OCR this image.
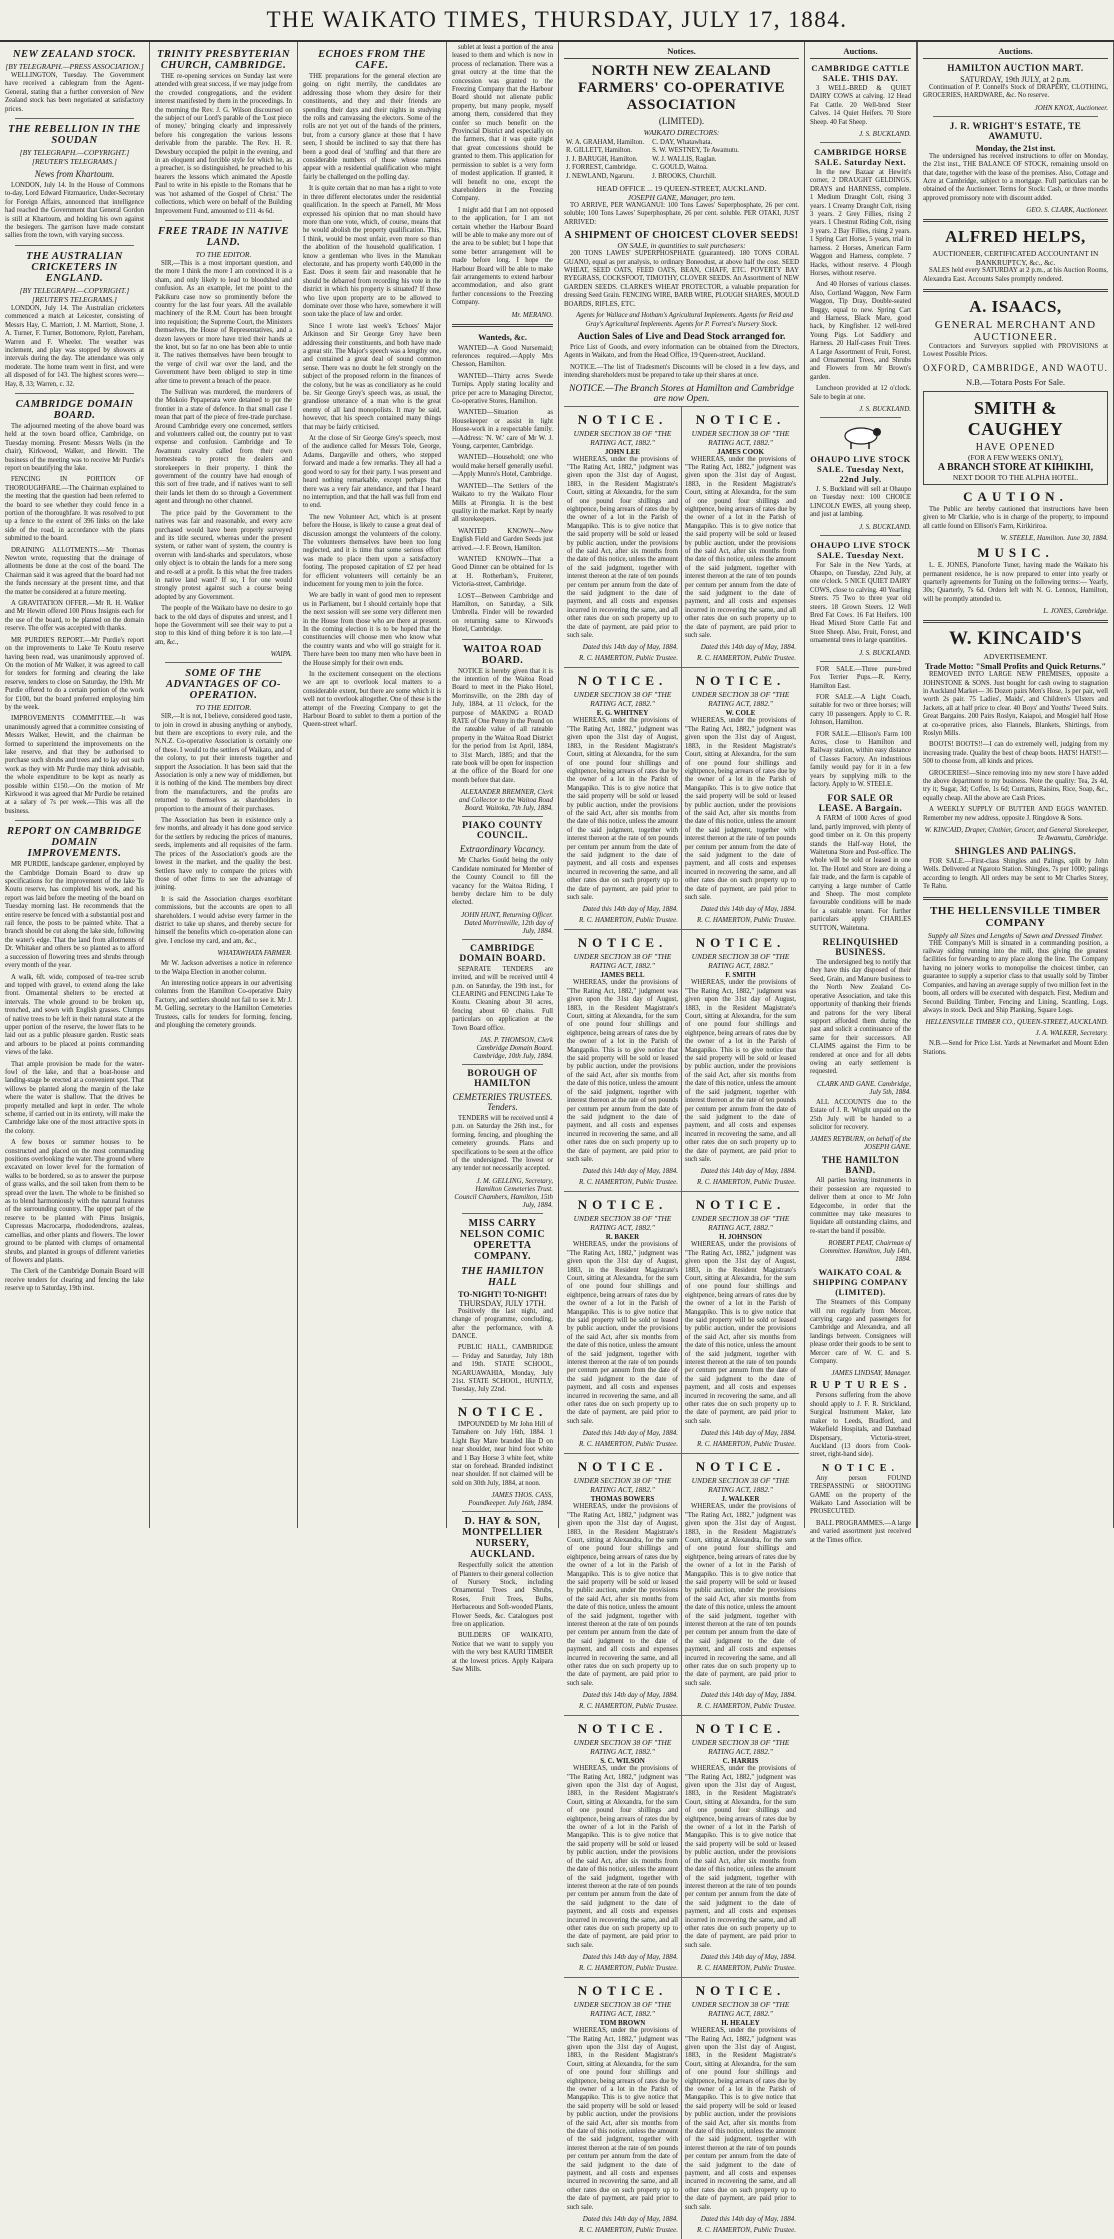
THE WAIKATO TIMES, THURSDAY, JULY 17, 1884.
NEW ZEALAND STOCK.
[BY TELEGRAPH.—PRESS ASSOCIATION.]

WELLINGTON, Tuesday. The Government have received a cablegram from the Agent-General, stating that a further conversion of New Zealand stock has been negotiated at satisfactory prices.

THE REBELLION IN THE SOUDAN
[BY TELEGRAPH.—COPYRIGHT.] [REUTER'S TELEGRAMS.]
News from Khartoum.

LONDON, July 14. In the House of Commons to-day, Lord Edward Fitzmaurice, Under-Secretary for Foreign Affairs, announced that intelligence had reached the Government that General Gordon is still at Khartoum, and holding his own against the besiegers. The garrison have made constant sallies from the town, with varying success.

THE AUSTRALIAN CRICKETERS IN ENGLAND.
[BY TELEGRAPH.—COPYRIGHT.] [REUTER'S TELEGRAMS.]

LONDON, July 14. The Australian cricketers commenced a match at Leicester, consisting of Messrs Hay, C. Marriott, J. M. Marriott, Stone, J. A. Turner, F. Turner, Bottomore, Rylott, Pareham, Warren and F. Wheeler. The weather was inclement, and play was stopped by showers at intervals during the day. The attendance was only moderate. The home team went in first, and were all disposed of for 143. The highest scores were—Hay, 8, 33; Warren, c. 32.

CAMBRIDGE DOMAIN BOARD.

The adjourned meeting of the above board was held at the town board office, Cambridge, on Tuesday morning. Present: Messrs Wells (in the chair), Kirkwood, Walker, and Hewitt. The business of the meeting was to receive Mr Purdie's report on beautifying the lake.

FENCING IN PORTION OF THOROUGHFARE.—The Chairman explained to the meeting that the question had been referred to the board to see whether they could fence in a portion of the thoroughfare. It was resolved to put up a fence to the extent of 396 links on the lake side of the road, in accordance with the plans submitted to the board.

DRAINING ALLOTMENTS.—Mr Thomas Newton wrote, requesting that the drainage of allotments be done at the cost of the board. The Chairman said it was agreed that the board had not the funds necessary at the present time, and that the matter be considered at a future meeting.

A GRAVITATION OFFER.—Mr R. H. Walker and Mr Hewitt offered 100 Pinus Insignis each for the use of the board, to be planted on the domain reserve. The offer was accepted with thanks.

MR PURDIE'S REPORT.—Mr Purdie's report on the improvements to Lake Te Koutu reserve having been read, was unanimously approved of. On the motion of Mr Walker, it was agreed to call for tenders for forming and clearing the lake reserve, tenders to close on Saturday, the 19th. Mr Purdie offered to do a certain portion of the work for £100, but the board preferred employing him by the week.

IMPROVEMENTS COMMITTEE.—It was unanimously agreed that a committee consisting of Messrs Walker, Hewitt, and the chairman be formed to superintend the improvements on the lake reserve, and that they be authorised to purchase such shrubs and trees and to lay out such work as they with Mr Purdie may think advisable, the whole expenditure to be kept as nearly as possible within £150.—On the motion of Mr Kirkwood it was agreed that Mr Purdie be retained at a salary of 7s per week.—This was all the business.

REPORT ON CAMBRIDGE DOMAIN IMPROVEMENTS.

MR PURDIE, landscape gardener, employed by the Cambridge Domain Board to draw up specifications for the improvement of the lake Te Koutu reserve, has completed his work, and his report was laid before the meeting of the board on Tuesday morning last. He recommends that the entire reserve be fenced with a substantial post and rail fence, the posts to be painted white. That a branch should be cut along the lake side, following the water's edge. That the land from allotments of Dr. Whitaker and others be so planted as to afford a succession of flowering trees and shrubs through every month of the year.

A walk, 6ft. wide, composed of tea-tree scrub and topped with gravel, to extend along the lake front. Ornamental shelters to be erected at intervals. The whole ground to be broken up, trenched, and sown with English grasses. Clumps of native trees to be left in their natural state at the upper portion of the reserve, the lower flats to be laid out as a public pleasure garden. Rustic seats and arbours to be placed at points commanding views of the lake.

That ample provision be made for the water-fowl of the lake, and that a boat-house and landing-stage be erected at a convenient spot. That willows be planted along the margin of the lake where the water is shallow. That the drives be properly metalled and kept in order. The whole scheme, if carried out in its entirety, will make the Cambridge lake one of the most attractive spots in the colony.

A few boxes or summer houses to be constructed and placed on the most commanding positions overlooking the water. The ground where excavated on lower level for the formation of walks to be bordered, so as to answer the purpose of grass walks, and the soil taken from them to be spread over the lawn. The whole to be finished so as to blend harmoniously with the natural features of the surrounding country. The upper part of the reserve to be planted with Pinus Insignis, Cupressus Macrocarpa, rhododendrons, azaleas, camellias, and other plants and flowers. The lower ground to be planted with clumps of ornamental shrubs, and planted in groups of different varieties of flowers and plants.

The Clerk of the Cambridge Domain Board will receive tenders for clearing and fencing the lake reserve up to Saturday, 19th inst.

TRINITY PRESBYTERIAN CHURCH, CAMBRIDGE.

THE re-opening services on Sunday last were attended with great success, if we may judge from the crowded congregations, and the evident interest manifested by them in the proceedings. In the morning the Rev. J. G. Wilson discoursed on the subject of our Lord's parable of the 'Lost piece of money,' bringing clearly and impressively before his congregation the various lessons derivable from the parable. The Rev. H. R. Dewsbury occupied the pulpit in the evening, and in an eloquent and forcible style for which he, as a preacher, is so distinguished, he preached to his hearers the lessons which animated the Apostle Paul to write in his epistle to the Romans that he was 'not ashamed of the Gospel of Christ.' The collections, which were on behalf of the Building Improvement Fund, amounted to £11 4s 6d.

FREE TRADE IN NATIVE LAND.
TO THE EDITOR.

SIR,—This is a most important question, and the more I think the more I am convinced it is a sham, and only likely to lead to bloodshed and confusion. As an example, let me point to the Pakikuru case now so prominently before the country for the last four years. All the available machinery of the R.M. Court has been brought into requisition; the Supreme Court, the Ministers themselves, the House of Representatives, and a dozen lawyers or more have tried their hands at the knot, but so far no one has been able to untie it. The natives themselves have been brought to the verge of civil war over the land, and the Government have been obliged to step in time after time to prevent a breach of the peace.

The Sullivan was murdered, the murderers of the Mokoio Pepaperara were detained to put the frontier in a state of defence. In that small case I mean that part of the piece of free-trade purchase. Around Cambridge every one concerned, settlers and volunteers called out, the country put to vast expense and confusion. Cambridge and Te Awamutu cavalry called from their own homesteads to protect the dealers and storekeepers in their property. I think the government of the country have had enough of this sort of free trade, and if natives want to sell their lands let them do so through a Government agent and through no other channel.

The price paid by the Government to the natives was fair and reasonable, and every acre purchased would have been properly surveyed and its title secured, whereas under the present system, or rather want of system, the country is overrun with land-sharks and speculators, whose only object is to obtain the lands for a mere song and re-sell at a profit. Is this what the free traders in native land want? If so, I for one would strongly protest against such a course being adopted by any Government.

The people of the Waikato have no desire to go back to the old days of disputes and unrest, and I hope the Government will see their way to put a stop to this kind of thing before it is too late.—I am, &c.,

WAIPA.
SOME OF THE ADVANTAGES OF CO-OPERATION.
TO THE EDITOR.

SIR,—It is not, I believe, considered good taste, to join in crowd in abusing anything or anybody, but there are exceptions to every rule, and the N.N.Z. Co-operative Association is certainly one of these. I would to the settlers of Waikato, and of the colony, to put their interests together and support the Association. It has been said that the Association is only a new way of middlemen, but it is nothing of the kind. The members buy direct from the manufacturers, and the profits are returned to themselves as shareholders in proportion to the amount of their purchases.

The Association has been in existence only a few months, and already it has done good service for the settlers by reducing the prices of manures, seeds, implements and all requisites of the farm. The prices of the Association's goods are the lowest in the market, and the quality the best. Settlers have only to compare the prices with those of other firms to see the advantage of joining.

It is said the Association charges exorbitant commissions, but the accounts are open to all shareholders. I would advise every farmer in the district to take up shares, and thereby secure for himself the benefits which co-operation alone can give. I enclose my card, and am, &c.,

WHATAWHATA FARMER.

Mr W. Jackson advertises a notice in reference to the Waipa Election in another column.

An interesting notice appears in our advertising columns from the Hamilton Co-operative Dairy Factory, and settlers should not fail to see it. Mr J. M. Gelling, secretary to the Hamilton Cemeteries Trustees, calls for tenders for forming, fencing, and ploughing the cemetery grounds.

ECHOES FROM THE CAFE.

THE preparations for the general election are going on right merrily, the candidates are addressing those whom they desire for their constituents, and they and their friends are spending their days and their nights in studying the rolls and canvassing the electors. Some of the rolls are not yet out of the hands of the printers, but, from a cursory glance at those that I have seen, I should be inclined to say that there has been a good deal of 'stuffing' and that there are considerable numbers of those whose names appear with a residential qualification who might fairly be challenged on the polling day.

It is quite certain that no man has a right to vote in three different electorates under the residential qualification. In the speech at Parnell, Mr Moss expressed his opinion that no man should have more than one vote, which, of course, means that he would abolish the property qualification. This, I think, would be most unfair, even more so than the abolition of the household qualification. I know a gentleman who lives in the Manukau electorate, and has property worth £40,000 in the East. Does it seem fair and reasonable that he should be debarred from recording his vote in the district in which his property is situated? If those who live upon property are to be allowed to dominate over those who have, somewhere it will soon take the place of law and order.

Since I wrote last week's 'Echoes' Major Atkinson and Sir George Grey have been addressing their constituents, and both have made a great stir. The Major's speech was a lengthy one, and contained a great deal of sound common sense. There was no doubt he felt strongly on the subject of the proposed reform in the finances of the colony, but he was as conciliatory as he could be. Sir George Grey's speech was, as usual, the grandiose utterance of a man who is the great enemy of all land monopolists. It may be said, however, that his speech contained many things that may be fairly criticised.

At the close of Sir George Grey's speech, most of the audience called for Messrs Tole, George, Adams, Dargaville and others, who stepped forward and made a few remarks. They all had a good word to say for their party. I was present and heard nothing remarkable, except perhaps that there was a very fair attendance, and that I heard no interruption, and that the hall was full from end to end.

The new Volunteer Act, which is at present before the House, is likely to cause a great deal of discussion amongst the volunteers of the colony. The volunteers themselves have been too long neglected, and it is time that some serious effort was made to place them upon a satisfactory footing. The proposed capitation of £2 per head for efficient volunteers will certainly be an inducement for young men to join the force.

We are badly in want of good men to represent us in Parliament, but I should certainly hope that the next session will see some very different men in the House from those who are there at present. In the coming election it is to be hoped that the constituencies will choose men who know what the country wants and who will go straight for it. There have been too many men who have been in the House simply for their own ends.

In the excitement consequent on the elections we are apt to overlook local matters to a considerable extent, but there are some which it is well not to overlook altogether. One of these is the attempt of the Freezing Company to get the Harbour Board to sublet to them a portion of the Queen-street wharf.

sublet at least a portion of the area leased to them and which is now in process of reclamation. There was a great outcry at the time that the concession was granted to the Freezing Company that the Harbour Board should not alienate public property, but many people, myself among them, considered that they confer so much benefit on the Provincial District and especially on the farmers, that it was quite right that great concessions should be granted to them. This application for permission to sublet is a very form of modest application. If granted, it will benefit no one, except the shareholders in the Freezing Company.

I might add that I am not opposed to the application, for I am not certain whether the Harbour Board will be able to make any more out of the area to be sublet; but I hope that some better arrangement will be made before long. I hope the Harbour Board will be able to make fair arrangements to extend harbour accommodation, and also grant further concessions to the Freezing Company.

Mr. MERANO.
Wanteds, &c.

WANTED—A Good Nursemaid; references required.—Apply Mrs Chesson, Hamilton.

WANTED—Thirty acres Swede Turnips. Apply stating locality and price per acre to Managing Director, Co-operative Stores, Hamilton.

WANTED—Situation as Housekeeper or assist in light House-work in a respectable family.—Address: 'N. W.' care of Mr W. J. Young, carpenter, Cambridge.

WANTED—Household; one who would make herself generally useful.—Apply Munro's Hotel, Cambridge.

WANTED—The Settlers of the Waikato to try the Waikato Flour Mills at Pirongia. It is the best quality in the market. Kept by nearly all storekeepers.

WANTED KNOWN—New English Field and Garden Seeds just arrived.—J. F. Brown, Hamilton.

WANTED KNOWN—That a Good Dinner can be obtained for 1s at H. Rotherham's, Fruiterer, Victoria-street, Cambridge.

LOST—Between Cambridge and Hamilton, on Saturday, a Silk Umbrella. Finder will be rewarded on returning same to Kirwood's Hotel, Cambridge.

WAITOA ROAD BOARD.

NOTICE is hereby given that it is the intention of the Waitoa Road Board to meet in the Piako Hotel, Morrinsville, on the 28th day of July, 1884, at 11 o'clock, for the purpose of MAKING a ROAD RATE of One Penny in the Pound on the rateable value of all rateable property in the Waitoa Road District for the period from 1st April, 1884, to 31st March, 1885; and that the rate book will be open for inspection at the office of the Board for one month before that date.

ALEXANDER BREMNER, Clerk and Collector to the Waitoa Road Board. Waitoka, 7th July, 1884.
PIAKO COUNTY COUNCIL.
Extraordinary Vacancy.

Mr Charles Gould being the only Candidate nominated for Member of the County Council to fill the vacancy for the Waitoa Riding, I hereby declare him to be duly elected.

JOHN HUNT, Returning Officer. Dated Morrinsville, 12th day of July, 1884.
CAMBRIDGE DOMAIN BOARD.

SEPARATE TENDERS are invited, and will be received until 4 p.m. on Saturday, the 19th inst., for CLEARING and FENCING Lake Te Koutu. Cleaning about 30 acres, fencing about 60 chains. Full particulars on application at the Town Board office.

JAS. P. THOMSON, Clerk Cambridge Domain Board. Cambridge, 10th July, 1884.
BOROUGH OF HAMILTON
CEMETERIES TRUSTEES. Tenders.

TENDERS will be received until 4 p.m. on Saturday the 26th inst., for forming, fencing, and ploughing the cemetery grounds. Plans and specifications to be seen at the office of the undersigned. The lowest or any tender not necessarily accepted.

J. M. GELLING, Secretary, Hamilton Cemeteries Trust. Council Chambers, Hamilton, 15th July, 1884.
MISS CARRY NELSON COMIC OPERETTA COMPANY.
THE HAMILTON HALL
TO-NIGHT! TO-NIGHT!
THURSDAY, JULY 17TH.

Positively the last night, and change of programme, concluding, after the performance, with A DANCE.

PUBLIC HALL, CAMBRIDGE — Friday and Saturday, July 18th and 19th. STATE SCHOOL, NGARUAWAHIA, Monday, July 21st. STATE SCHOOL, HUNTLY, Tuesday, July 22nd.

NOTICE.

IMPOUNDED by Mr John Hill of Tamahere on July 16th, 1884. 1 Light Bay Mare branded like D on near shoulder, near hind foot white and 1 Bay Horse 3 white feet, white star on forehead. Branded indistinct near shoulder. If not claimed will be sold on 30th July, 1884, at noon.

JAMES THOS. CASS, Poundkeeper. July 16th, 1884.
D. HAY & SON, MONTPELLIER NURSERY, AUCKLAND.

Respectfully solicit the attention of Planters to their general collection of Nursery Stock, including Ornamental Trees and Shrubs, Roses, Fruit Trees, Bulbs, Herbaceous and Soft-wooded Plants, Flower Seeds, &c. Catalogues post free on application.

BUILDERS OF WAIKATO, Notice that we want to supply you with the very best KAURI TIMBER at the lowest prices. Apply Kaipara Saw Mills.

Notices.
NORTH NEW ZEALAND FARMERS' CO-OPERATIVE ASSOCIATION
(LIMITED).
WAIKATO DIRECTORS:
W. A. GRAHAM, Hamilton.
R. GILLETT, Hamilton.
J. J. BARUGH, Hamilton.
J. FORREST, Cambridge.
J. NEWLAND, Ngaruru.
C. DAY, Whatawhata.
S. W. WESTNEY, Te Awamutu.
W. J. WALLIS, Raglan.
C. GOULD, Waitoa.
J. BROOKS, Churchill.
HEAD OFFICE ... 19 QUEEN-STREET, AUCKLAND.
JOSEPH GANE, Manager, pro tem.

TO ARRIVE, PER WANGANUI: 100 Tons Lawes' Superphosphate, 26 per cent. soluble; 100 Tons Lawes' Superphosphate, 26 per cent. soluble. PER OTAKI, JUST ARRIVED:

A SHIPMENT OF CHOICEST CLOVER SEEDS!
ON SALE, in quantities to suit purchasers:

200 TONS LAWES' SUPERPHOSPHATE (guaranteed). 180 TONS CORAL GUANO, equal as per analysis, to ordinary Boneodust, at above half the cost. SEED WHEAT, SEED OATS, FEED OATS, BEAN, CHAFF, ETC. POVERTY BAY RYEGRASS, COCKSFOOT, TIMOTHY, CLOVER SEEDS. An Assortment of NEW GARDEN SEEDS. CLARKE'S WHEAT PROTECTOR, a valuable preparation for dressing Seed Grain. FENCING WIRE, BARB WIRE, PLOUGH SHARES, MOULD BOARDS, RIFLES, ETC.

Agents for Wallace and Hotham's Agricultural Implements. Agents for Reid and Gray's Agricultural Implements. Agents for P. Forrest's Nursery Stock.

Auction Sales of Live and Dead Stock arranged for.

Price List of Goods, and every information can be obtained from the Directors, Agents in Waikato, and from the Head Office, 19 Queen-street, Auckland.

NOTICE.—The list of Tradesmen's Discounts will be closed in a few days, and intending shareholders must be prepared to take up their shares at once.

NOTICE.—The Branch Stores at Hamilton and Cambridge are now Open.
NOTICE.
UNDER SECTION 38 OF "THE RATING ACT, 1882."
JOHN LEE

WHEREAS, under the provisions of "The Rating Act, 1882," judgment was given upon the 31st day of August, 1883, in the Resident Magistrate's Court, sitting at Alexandra, for the sum of one pound four shillings and eightpence, being arrears of rates due by the owner of a lot in the Parish of Mangapiko. This is to give notice that the said property will be sold or leased by public auction, under the provisions of the said Act, after six months from the date of this notice, unless the amount of the said judgment, together with interest thereon at the rate of ten pounds per centum per annum from the date of the said judgment to the date of payment, and all costs and expenses incurred in recovering the same, and all other rates due on such property up to the date of payment, are paid prior to such sale.

Dated this 14th day of May, 1884.
R. C. HAMERTON, Public Trustee.
NOTICE.
UNDER SECTION 38 OF "THE RATING ACT, 1882."
JAMES COOK

WHEREAS, under the provisions of "The Rating Act, 1882," judgment was given upon the 31st day of August, 1883, in the Resident Magistrate's Court, sitting at Alexandra, for the sum of one pound four shillings and eightpence, being arrears of rates due by the owner of a lot in the Parish of Mangapiko. This is to give notice that the said property will be sold or leased by public auction, under the provisions of the said Act, after six months from the date of this notice, unless the amount of the said judgment, together with interest thereon at the rate of ten pounds per centum per annum from the date of the said judgment to the date of payment, and all costs and expenses incurred in recovering the same, and all other rates due on such property up to the date of payment, are paid prior to such sale.

Dated this 14th day of May, 1884.
R. C. HAMERTON, Public Trustee.
NOTICE.
UNDER SECTION 38 OF "THE RATING ACT, 1882."
E. G. WHITNEY

WHEREAS, under the provisions of "The Rating Act, 1882," judgment was given upon the 31st day of August, 1883, in the Resident Magistrate's Court, sitting at Alexandra, for the sum of one pound four shillings and eightpence, being arrears of rates due by the owner of a lot in the Parish of Mangapiko. This is to give notice that the said property will be sold or leased by public auction, under the provisions of the said Act, after six months from the date of this notice, unless the amount of the said judgment, together with interest thereon at the rate of ten pounds per centum per annum from the date of the said judgment to the date of payment, and all costs and expenses incurred in recovering the same, and all other rates due on such property up to the date of payment, are paid prior to such sale.

Dated this 14th day of May, 1884.
R. C. HAMERTON, Public Trustee.
NOTICE.
UNDER SECTION 38 OF "THE RATING ACT, 1882."
W. COLE

WHEREAS, under the provisions of "The Rating Act, 1882," judgment was given upon the 31st day of August, 1883, in the Resident Magistrate's Court, sitting at Alexandra, for the sum of one pound four shillings and eightpence, being arrears of rates due by the owner of a lot in the Parish of Mangapiko. This is to give notice that the said property will be sold or leased by public auction, under the provisions of the said Act, after six months from the date of this notice, unless the amount of the said judgment, together with interest thereon at the rate of ten pounds per centum per annum from the date of the said judgment to the date of payment, and all costs and expenses incurred in recovering the same, and all other rates due on such property up to the date of payment, are paid prior to such sale.

Dated this 14th day of May, 1884.
R. C. HAMERTON, Public Trustee.
NOTICE.
UNDER SECTION 38 OF "THE RATING ACT, 1882."
JAMES BELL

WHEREAS, under the provisions of "The Rating Act, 1882," judgment was given upon the 31st day of August, 1883, in the Resident Magistrate's Court, sitting at Alexandra, for the sum of one pound four shillings and eightpence, being arrears of rates due by the owner of a lot in the Parish of Mangapiko. This is to give notice that the said property will be sold or leased by public auction, under the provisions of the said Act, after six months from the date of this notice, unless the amount of the said judgment, together with interest thereon at the rate of ten pounds per centum per annum from the date of the said judgment to the date of payment, and all costs and expenses incurred in recovering the same, and all other rates due on such property up to the date of payment, are paid prior to such sale.

Dated this 14th day of May, 1884.
R. C. HAMERTON, Public Trustee.
NOTICE.
UNDER SECTION 38 OF "THE RATING ACT, 1882."
F. SMITH

WHEREAS, under the provisions of "The Rating Act, 1882," judgment was given upon the 31st day of August, 1883, in the Resident Magistrate's Court, sitting at Alexandra, for the sum of one pound four shillings and eightpence, being arrears of rates due by the owner of a lot in the Parish of Mangapiko. This is to give notice that the said property will be sold or leased by public auction, under the provisions of the said Act, after six months from the date of this notice, unless the amount of the said judgment, together with interest thereon at the rate of ten pounds per centum per annum from the date of the said judgment to the date of payment, and all costs and expenses incurred in recovering the same, and all other rates due on such property up to the date of payment, are paid prior to such sale.

Dated this 14th day of May, 1884.
R. C. HAMERTON, Public Trustee.
NOTICE.
UNDER SECTION 38 OF "THE RATING ACT, 1882."
R. BAKER

WHEREAS, under the provisions of "The Rating Act, 1882," judgment was given upon the 31st day of August, 1883, in the Resident Magistrate's Court, sitting at Alexandra, for the sum of one pound four shillings and eightpence, being arrears of rates due by the owner of a lot in the Parish of Mangapiko. This is to give notice that the said property will be sold or leased by public auction, under the provisions of the said Act, after six months from the date of this notice, unless the amount of the said judgment, together with interest thereon at the rate of ten pounds per centum per annum from the date of the said judgment to the date of payment, and all costs and expenses incurred in recovering the same, and all other rates due on such property up to the date of payment, are paid prior to such sale.

Dated this 14th day of May, 1884.
R. C. HAMERTON, Public Trustee.
NOTICE.
UNDER SECTION 38 OF "THE RATING ACT, 1882."
H. JOHNSON

WHEREAS, under the provisions of "The Rating Act, 1882," judgment was given upon the 31st day of August, 1883, in the Resident Magistrate's Court, sitting at Alexandra, for the sum of one pound four shillings and eightpence, being arrears of rates due by the owner of a lot in the Parish of Mangapiko. This is to give notice that the said property will be sold or leased by public auction, under the provisions of the said Act, after six months from the date of this notice, unless the amount of the said judgment, together with interest thereon at the rate of ten pounds per centum per annum from the date of the said judgment to the date of payment, and all costs and expenses incurred in recovering the same, and all other rates due on such property up to the date of payment, are paid prior to such sale.

Dated this 14th day of May, 1884.
R. C. HAMERTON, Public Trustee.
NOTICE.
UNDER SECTION 38 OF "THE RATING ACT, 1882."
THOMAS BOWERS

WHEREAS, under the provisions of "The Rating Act, 1882," judgment was given upon the 31st day of August, 1883, in the Resident Magistrate's Court, sitting at Alexandra, for the sum of one pound four shillings and eightpence, being arrears of rates due by the owner of a lot in the Parish of Mangapiko. This is to give notice that the said property will be sold or leased by public auction, under the provisions of the said Act, after six months from the date of this notice, unless the amount of the said judgment, together with interest thereon at the rate of ten pounds per centum per annum from the date of the said judgment to the date of payment, and all costs and expenses incurred in recovering the same, and all other rates due on such property up to the date of payment, are paid prior to such sale.

Dated this 14th day of May, 1884.
R. C. HAMERTON, Public Trustee.
NOTICE.
UNDER SECTION 38 OF "THE RATING ACT, 1882."
J. WALKER

WHEREAS, under the provisions of "The Rating Act, 1882," judgment was given upon the 31st day of August, 1883, in the Resident Magistrate's Court, sitting at Alexandra, for the sum of one pound four shillings and eightpence, being arrears of rates due by the owner of a lot in the Parish of Mangapiko. This is to give notice that the said property will be sold or leased by public auction, under the provisions of the said Act, after six months from the date of this notice, unless the amount of the said judgment, together with interest thereon at the rate of ten pounds per centum per annum from the date of the said judgment to the date of payment, and all costs and expenses incurred in recovering the same, and all other rates due on such property up to the date of payment, are paid prior to such sale.

Dated this 14th day of May, 1884.
R. C. HAMERTON, Public Trustee.
NOTICE.
UNDER SECTION 38 OF "THE RATING ACT, 1882."
S. C. WILSON

WHEREAS, under the provisions of "The Rating Act, 1882," judgment was given upon the 31st day of August, 1883, in the Resident Magistrate's Court, sitting at Alexandra, for the sum of one pound four shillings and eightpence, being arrears of rates due by the owner of a lot in the Parish of Mangapiko. This is to give notice that the said property will be sold or leased by public auction, under the provisions of the said Act, after six months from the date of this notice, unless the amount of the said judgment, together with interest thereon at the rate of ten pounds per centum per annum from the date of the said judgment to the date of payment, and all costs and expenses incurred in recovering the same, and all other rates due on such property up to the date of payment, are paid prior to such sale.

Dated this 14th day of May, 1884.
R. C. HAMERTON, Public Trustee.
NOTICE.
UNDER SECTION 38 OF "THE RATING ACT, 1882."
C. HARRIS

WHEREAS, under the provisions of "The Rating Act, 1882," judgment was given upon the 31st day of August, 1883, in the Resident Magistrate's Court, sitting at Alexandra, for the sum of one pound four shillings and eightpence, being arrears of rates due by the owner of a lot in the Parish of Mangapiko. This is to give notice that the said property will be sold or leased by public auction, under the provisions of the said Act, after six months from the date of this notice, unless the amount of the said judgment, together with interest thereon at the rate of ten pounds per centum per annum from the date of the said judgment to the date of payment, and all costs and expenses incurred in recovering the same, and all other rates due on such property up to the date of payment, are paid prior to such sale.

Dated this 14th day of May, 1884.
R. C. HAMERTON, Public Trustee.
NOTICE.
UNDER SECTION 38 OF "THE RATING ACT, 1882."
TOM BROWN

WHEREAS, under the provisions of "The Rating Act, 1882," judgment was given upon the 31st day of August, 1883, in the Resident Magistrate's Court, sitting at Alexandra, for the sum of one pound four shillings and eightpence, being arrears of rates due by the owner of a lot in the Parish of Mangapiko. This is to give notice that the said property will be sold or leased by public auction, under the provisions of the said Act, after six months from the date of this notice, unless the amount of the said judgment, together with interest thereon at the rate of ten pounds per centum per annum from the date of the said judgment to the date of payment, and all costs and expenses incurred in recovering the same, and all other rates due on such property up to the date of payment, are paid prior to such sale.

Dated this 14th day of May, 1884.
R. C. HAMERTON, Public Trustee.
NOTICE.
UNDER SECTION 38 OF "THE RATING ACT, 1882."
H. HEALEY

WHEREAS, under the provisions of "The Rating Act, 1882," judgment was given upon the 31st day of August, 1883, in the Resident Magistrate's Court, sitting at Alexandra, for the sum of one pound four shillings and eightpence, being arrears of rates due by the owner of a lot in the Parish of Mangapiko. This is to give notice that the said property will be sold or leased by public auction, under the provisions of the said Act, after six months from the date of this notice, unless the amount of the said judgment, together with interest thereon at the rate of ten pounds per centum per annum from the date of the said judgment to the date of payment, and all costs and expenses incurred in recovering the same, and all other rates due on such property up to the date of payment, are paid prior to such sale.

Dated this 14th day of May, 1884.
R. C. HAMERTON, Public Trustee.
Auctions.
CAMBRIDGE CATTLE SALE. THIS DAY.

3 WELL-BRED & QUIET DAIRY COWS at calving. 12 Head Fat Cattle. 20 Well-bred Steer Calves. 14 Quiet Heifers. 70 Store Sheep. 40 Fat Sheep.

J. S. BUCKLAND.
CAMBRIDGE HORSE SALE. Saturday Next.

In the new Bazaar at Hewitt's corner, 2 DRAUGHT GELDINGS, DRAYS and HARNESS, complete. 1 Medium Draught Colt, rising 3 years. 1 Creamy Draught Colt, rising 3 years. 2 Grey Fillies, rising 2 years. 1 Chestnut Riding Colt, rising 3 years. 2 Bay Fillies, rising 2 years. 1 Spring Cart Horse, 5 years, trial in harness. 2 Horses, American Farm Waggon and Harness, complete. 7 Hacks, without reserve. 4 Plough Horses, without reserve.

And 40 Horses of various classes. Also, Cortland Waggon, New Farm Waggon, Tip Dray, Double-seated Buggy, equal to new. Spring Cart and Harness, Black Mare, good hack, by Kingfisher. 12 well-bred Young Pigs. Lot Saddlery and Harness. 20 Half-cases Fruit Trees. A Large Assortment of Fruit, Forest, and Ornamental Trees, and Shrubs and Flowers from Mr Brown's garden.

Luncheon provided at 12 o'clock. Sale to begin at one.

J. S. BUCKLAND.
OHAUPO LIVE STOCK SALE. Tuesday Next, 22nd July.

J. S. Buckland will sell at Ohaupo on Tuesday next: 100 CHOICE LINCOLN EWES, all young sheep, and just at lambing.

J. S. BUCKLAND.
OHAUPO LIVE STOCK SALE. Tuesday Next.

For Sale in the New Yards, at Ohaupo, on Tuesday, 22nd July, at one o'clock. 5 NICE QUIET DAIRY COWS, close to calving. 40 Yearling Steers. 75 Two to three year old steers. 18 Grown Steers. 12 Well Bred Fat Cows. 16 Fat Heifers. 100 Head Mixed Store Cattle Fat and Store Sheep. Also, Fruit, Forest, and ornamental trees in large quantities.

J. S. BUCKLAND.

FOR SALE.—Three pure-bred Fox Terrier Pups.—R. Kerry, Hamilton East.

FOR SALE.—A Light Coach, suitable for two or three horses; will carry 10 passengers. Apply to C. R. Johnson, Hamilton.

FOR SALE.—Ellison's Farm 100 Acres, close to Hamilton and Railway station, within easy distance of Classes Factory. An industrious family would pay for it in a few years by supplying milk to the factory. Apply to W. STEELE.

FOR SALE OR LEASE. A Bargain.

A FARM of 1000 Acres of good land, partly improved, with plenty of good timber on it. On this property stands the Half-way Hotel, the Waitetuna Store and Post-office. The whole will be sold or leased in one lot. The Hotel and Store are doing a fair trade, and the farm is capable of carrying a large number of Cattle and Sheep. The most complete favourable conditions will be made for a suitable tenant. For further particulars apply CHARLES SUTTON, Waitetuna.

RELINQUISHED BUSINESS.

The undersigned beg to notify that they have this day disposed of their Seed, Grain, and Manure business to the North New Zealand Co-operative Association, and take this opportunity of thanking their friends and patrons for the very liberal support afforded them during the past and solicit a continuance of the same for their successors. All CLAIMS against the Firm to be rendered at once and for all debts owing an early settlement is requested.

CLARK AND GANE. Cambridge, July 5th, 1884.

ALL ACCOUNTS due to the Estate of J. R. Wright unpaid on the 25th July will be handed to a solicitor for recovery.

JAMES REYBURN, on behalf of the JOSEPH GANE.
THE HAMILTON BAND.

All parties having instruments in their possession are requested to deliver them at once to Mr John Edgecombe, in order that the committee may take measures to liquidate all outstanding claims, and re-start the band if possible.

ROBERT PEAT, Chairman of Committee. Hamilton, July 14th, 1884.
WAIKATO COAL & SHIPPING COMPANY (LIMITED).

The Steamers of this Company will run regularly from Mercer, carrying cargo and passengers for Cambridge and Alexandra, and all landings between. Consignees will please order their goods to be sent to Mercer care of W. C. and S. Company.

JAMES LINDSAY, Manager.
RUPTURES.

Persons suffering from the above should apply to J. F. R. Strickland, Surgical Instrument Maker, late maker to Leeds, Bradford, and Wakefield Hospitals, and Datebaad Dispensary, Victoria-street, Auckland (13 doors from Cook-street, right-hand side).

NOTICE.

Any person FOUND TRESPASSING or SHOOTING GAME on the property of the Waikato Land Association will be PROSECUTED.

BALL PROGRAMMES.—A large and varied assortment just received at the Times office.

Auctions.
HAMILTON AUCTION MART.
SATURDAY, 19th JULY, at 2 p.m.

Continuation of P. Connell's Stock of DRAPERY, CLOTHING, GROCERIES, HARDWARE, &c. No reserve.

JOHN KNOX, Auctioneer.
J. R. WRIGHT'S ESTATE, TE AWAMUTU.
Monday, the 21st inst.

The undersigned has received instructions to offer on Monday, the 21st inst., THE BALANCE OF STOCK, remaining unsold on that date, together with the lease of the premises. Also, Cottage and Acre at Cambridge, subject to a mortgage. Full particulars can be obtained of the Auctioneer. Terms for Stock: Cash, or three months approved promissory note with discount added.

GEO. S. CLARK, Auctioneer.
ALFRED HELPS,
AUCTIONEER, CERTIFICATED ACCOUNTANT IN BANKRUPTCY, &c., &c.

SALES held every SATURDAY at 2 p.m., at his Auction Rooms, Alexandra East. Accounts Sales promptly rendered.

A. ISAACS,
GENERAL MERCHANT AND AUCTIONEER.

Contractors and Surveyors supplied with PROVISIONS at Lowest Possible Prices.

OXFORD, CAMBRIDGE, AND WAOTU.
N.B.—Totara Posts For Sale.
SMITH & CAUGHEY
HAVE OPENED
(FOR A FEW WEEKS ONLY),
A BRANCH STORE AT KIHIKIHI,
NEXT DOOR TO THE ALPHA HOTEL.
CAUTION.

The Public are hereby cautioned that instructions have been given to Mr Clarkie, who is in charge of the property, to impound all cattle found on Ellison's Farm, Kirikiriroa.

W. STEELE, Hamilton. June 30, 1884.
MUSIC.

L. E. JONES, Pianoforte Tuner, having made the Waikato his permanent residence, he is now prepared to enter into yearly or quarterly agreements for Tuning on the following terms:— Yearly, 30s; Quarterly, 7s 6d. Orders left with N. G. Lennox, Hamilton, will be promptly attended to.

L. JONES, Cambridge.
W. KINCAID'S
ADVERTISEMENT.
Trade Motto: "Small Profits and Quick Returns."

REMOVED INTO LARGE NEW PREMISES, opposite a JOHNSTONE & SONS. Just bought for cash owing to stagnation in Auckland Market— 36 Dozen pairs Men's Hose, 1s per pair, well worth 2s pair. 75 Ladies', Maids', and Children's Ulsters and Jackets, all at half price to clear. 40 Boys' and Youths' Tweed Suits. Great Bargains. 200 Pairs Roslyn, Kaiapoi, and Mosgiel half Hose at co-operative prices, also Flannels, Blankets, Shirtings, from Roslyn Mills.

BOOTS! BOOTS!!—I can do extremely well, judging from my increasing trade. Quality the best of cheap boots. HATS! HATS!!—500 to choose from, all kinds and prices.

GROCERIES!—Since removing into my new store I have added the above department to my business. Note the quality: Tea, 2s 4d, try it; Sugar, 3d; Coffee, 1s 6d; Currants, Raisins, Rice, Soap, &c., equally cheap. All the above are Cash Prices.

A WEEKLY SUPPLY OF BUTTER AND EGGS WANTED. Remember my new address, opposite J. Ringdove & Sons.

W. KINCAID, Draper, Clothier, Grocer, and General Storekeeper, Te Awamutu, Cambridge.
SHINGLES AND PALINGS.

FOR SALE.—First-class Shingles and Palings, split by John Wells. Delivered at Ngaroto Station. Shingles, 7s per 1000; palings according to length. All orders may be sent to Mr Charles Storey, Te Rahu.

THE HELLENSVILLE TIMBER COMPANY
Supply all Sizes and Lengths of Sawn and Dressed Timber.

THE Company's Mill is situated in a commanding position, a railway siding running into the mill, thus giving the greatest facilities for forwarding to any place along the line. The Company having no joinery works to monopolise the choicest timber, can guarantee to supply a superior class to that usually sold by Timber Companies, and having an average supply of two million feet in the boom, all orders will be executed with despatch. First, Medium and Second Building Timber, Fencing and Lining, Scantling, Logs, always in stock. Deck and Ship Planking, Square Logs.

HELLENSVILLE TIMBER CO., QUEEN-STREET, AUCKLAND.
J. A. WALKER, Secretary.

N.B.—Send for Price List. Yards at Newmarket and Mount Eden Stations.
